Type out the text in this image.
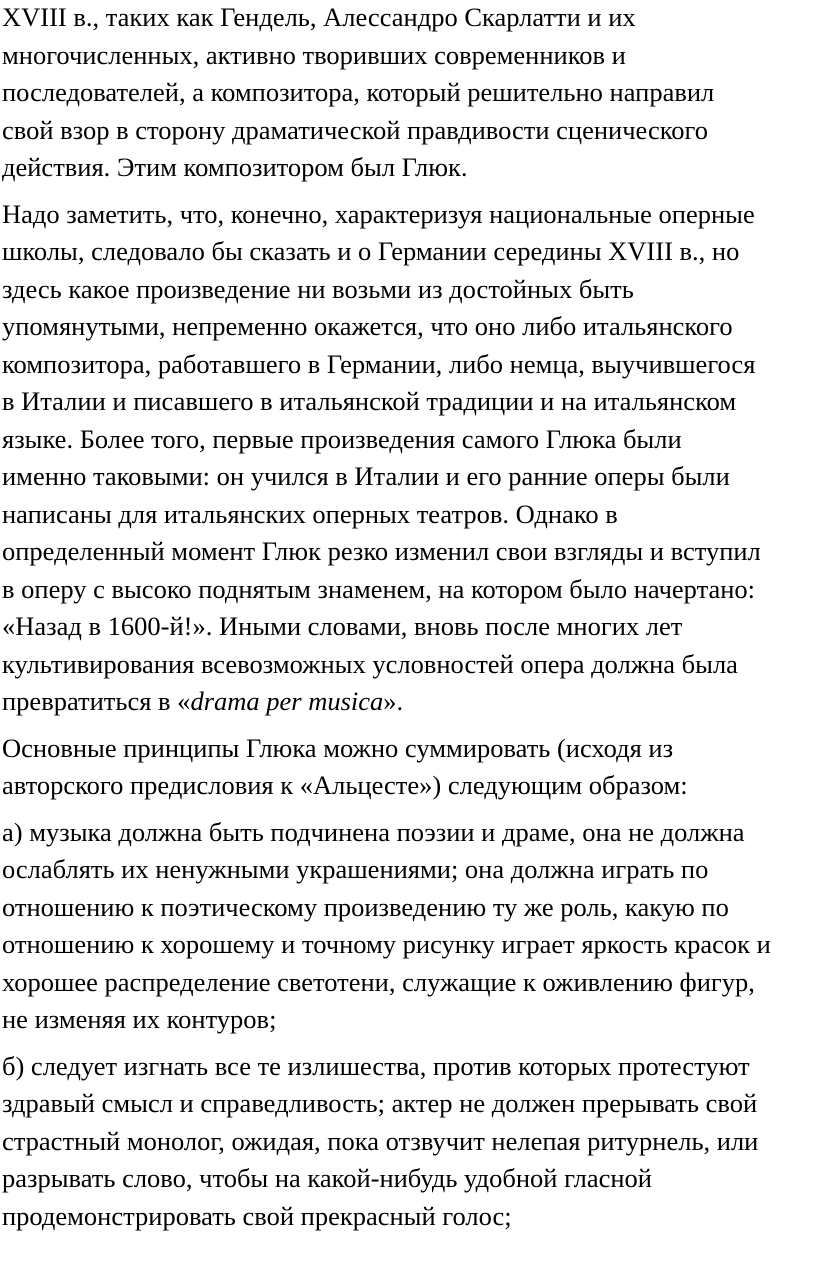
XVIII в., таких как Гендель, Алессандро Скарлатти и их

многочисленных, активно творивших современников и

последователей, а композитора, который решительно направил

свой взор в сторону драматической правдивости сценического

действия. Этим композитором был Глюк.

Надо заметить, что, конечно, характеризуя национальные оперные

школы, следовало бы сказать и о Германии середины XVIII в., но

здесь какое произведение ни возьми из достойных быть

упомянутыми, непременно окажется, что оно либо итальянского

композитора, работавшего в Германии, либо немца, выучившегося

в Италии и писавшего в итальянской традиции и на итальянском

языке. Более того, первые произведения самого Глюка были

именно таковыми: он учился в Италии и его ранние оперы были

написаны для итальянских оперных театров. Однако в

определенный момент Глюк резко изменил свои взгляды и вступил

в оперу с высоко поднятым знаменем, на котором было начертано:

«Назад в 1600-й!». Иными словами, вновь после многих лет

культивирования всевозможных условностей опера должна была

превратиться в «drama per musica».

Основные принципы Глюка можно суммировать (исходя из

авторского предисловия к «Альцесте») следующим образом:

а) музыка должна быть подчинена поэзии и драме, она не должна

ослаблять их ненужными украшениями; она должна играть по

отношению к поэтическому произведению ту же роль, какую по

отношению к хорошему и точному рисунку играет яркость красок и

хорошее распределение светотени, служащие к оживлению фигур,

не изменяя их контуров;

б) следует изгнать все те излишества, против которых протестуют

здравый смысл и справедливость; актер не должен прерывать свой

страстный монолог, ожидая, пока отзвучит нелепая ритурнель, или

разрывать слово, чтобы на какой-нибудь удобной гласной

продемонстрировать свой прекрасный голос;
